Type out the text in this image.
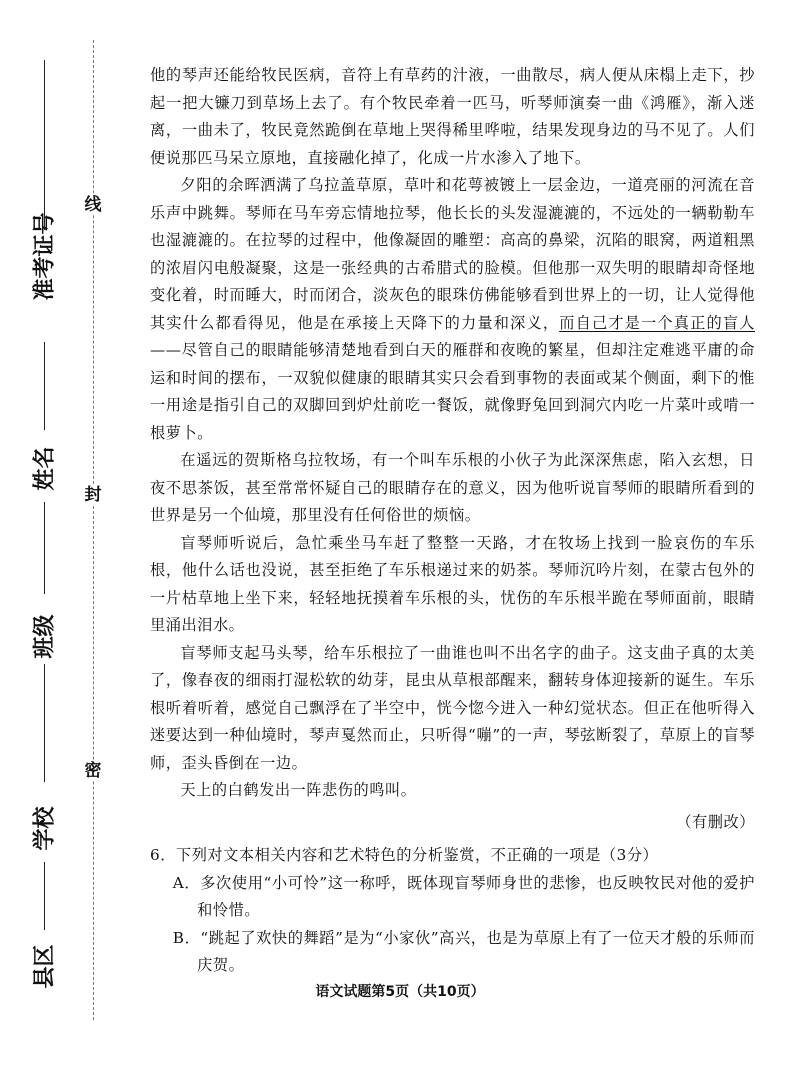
线
封
密
准考证号
姓名
班级
学校
县区

他的琴声还能给牧民医病，音符上有草药的汁液，一曲散尽，病人便从床榻上走下，抄起一把大镰刀到草场上去了。有个牧民牵着一匹马，听琴师演奏一曲《鸿雁》，渐入迷离，一曲未了，牧民竟然跪倒在草地上哭得稀里哗啦，结果发现身边的马不见了。人们便说那匹马呆立原地，直接融化掉了，化成一片水渗入了地下。

夕阳的余晖洒满了乌拉盖草原，草叶和花萼被镀上一层金边，一道亮丽的河流在音乐声中跳舞。琴师在马车旁忘情地拉琴，他长长的头发湿漉漉的，不远处的一辆勒勒车也湿漉漉的。在拉琴的过程中，他像凝固的雕塑：高高的鼻梁，沉陷的眼窝，两道粗黑的浓眉闪电般凝聚，这是一张经典的古希腊式的脸模。但他那一双失明的眼睛却奇怪地变化着，时而睡大，时而闭合，淡灰色的眼珠仿佛能够看到世界上的一切，让人觉得他其实什么都看得见，他是在承接上天降下的力量和深义，而自己才是一个真正的盲人——尽管自己的眼睛能够清楚地看到白天的雁群和夜晚的繁星，但却注定难逃平庸的命运和时间的摆布，一双貌似健康的眼睛其实只会看到事物的表面或某个侧面，剩下的惟一用途是指引自己的双脚回到炉灶前吃一餐饭，就像野兔回到洞穴内吃一片菜叶或啃一根萝卜。

在遥远的贺斯格乌拉牧场，有一个叫车乐根的小伙子为此深深焦虑，陷入玄想，日夜不思茶饭，甚至常常怀疑自己的眼睛存在的意义，因为他听说盲琴师的眼睛所看到的世界是另一个仙境，那里没有任何俗世的烦恼。

盲琴师听说后，急忙乘坐马车赶了整整一天路，才在牧场上找到一脸哀伤的车乐根，他什么话也没说，甚至拒绝了车乐根递过来的奶茶。琴师沉吟片刻，在蒙古包外的一片枯草地上坐下来，轻轻地抚摸着车乐根的头，忧伤的车乐根半跪在琴师面前，眼睛里涌出泪水。

盲琴师支起马头琴，给车乐根拉了一曲谁也叫不出名字的曲子。这支曲子真的太美了，像春夜的细雨打湿松软的幼芽，昆虫从草根部醒来，翻转身体迎接新的诞生。车乐根听着听着，感觉自己飘浮在了半空中，恍今惚今进入一种幻觉状态。但正在他听得入迷要达到一种仙境时，琴声戛然而止，只听得“嘣”的一声，琴弦断裂了，草原上的盲琴师，歪头昏倒在一边。

天上的白鹤发出一阵悲伤的鸣叫。

（有删改）

6．下列对文本相关内容和艺术特色的分析鉴赏，不正确的一项是（3分）

A．多次使用“小可怜”这一称呼，既体现盲琴师身世的悲惨，也反映牧民对他的爱护和怜惜。

B．“跳起了欢快的舞蹈”是为“小家伙”高兴，也是为草原上有了一位天才般的乐师而庆贺。

语文试题第5页（共10页）
